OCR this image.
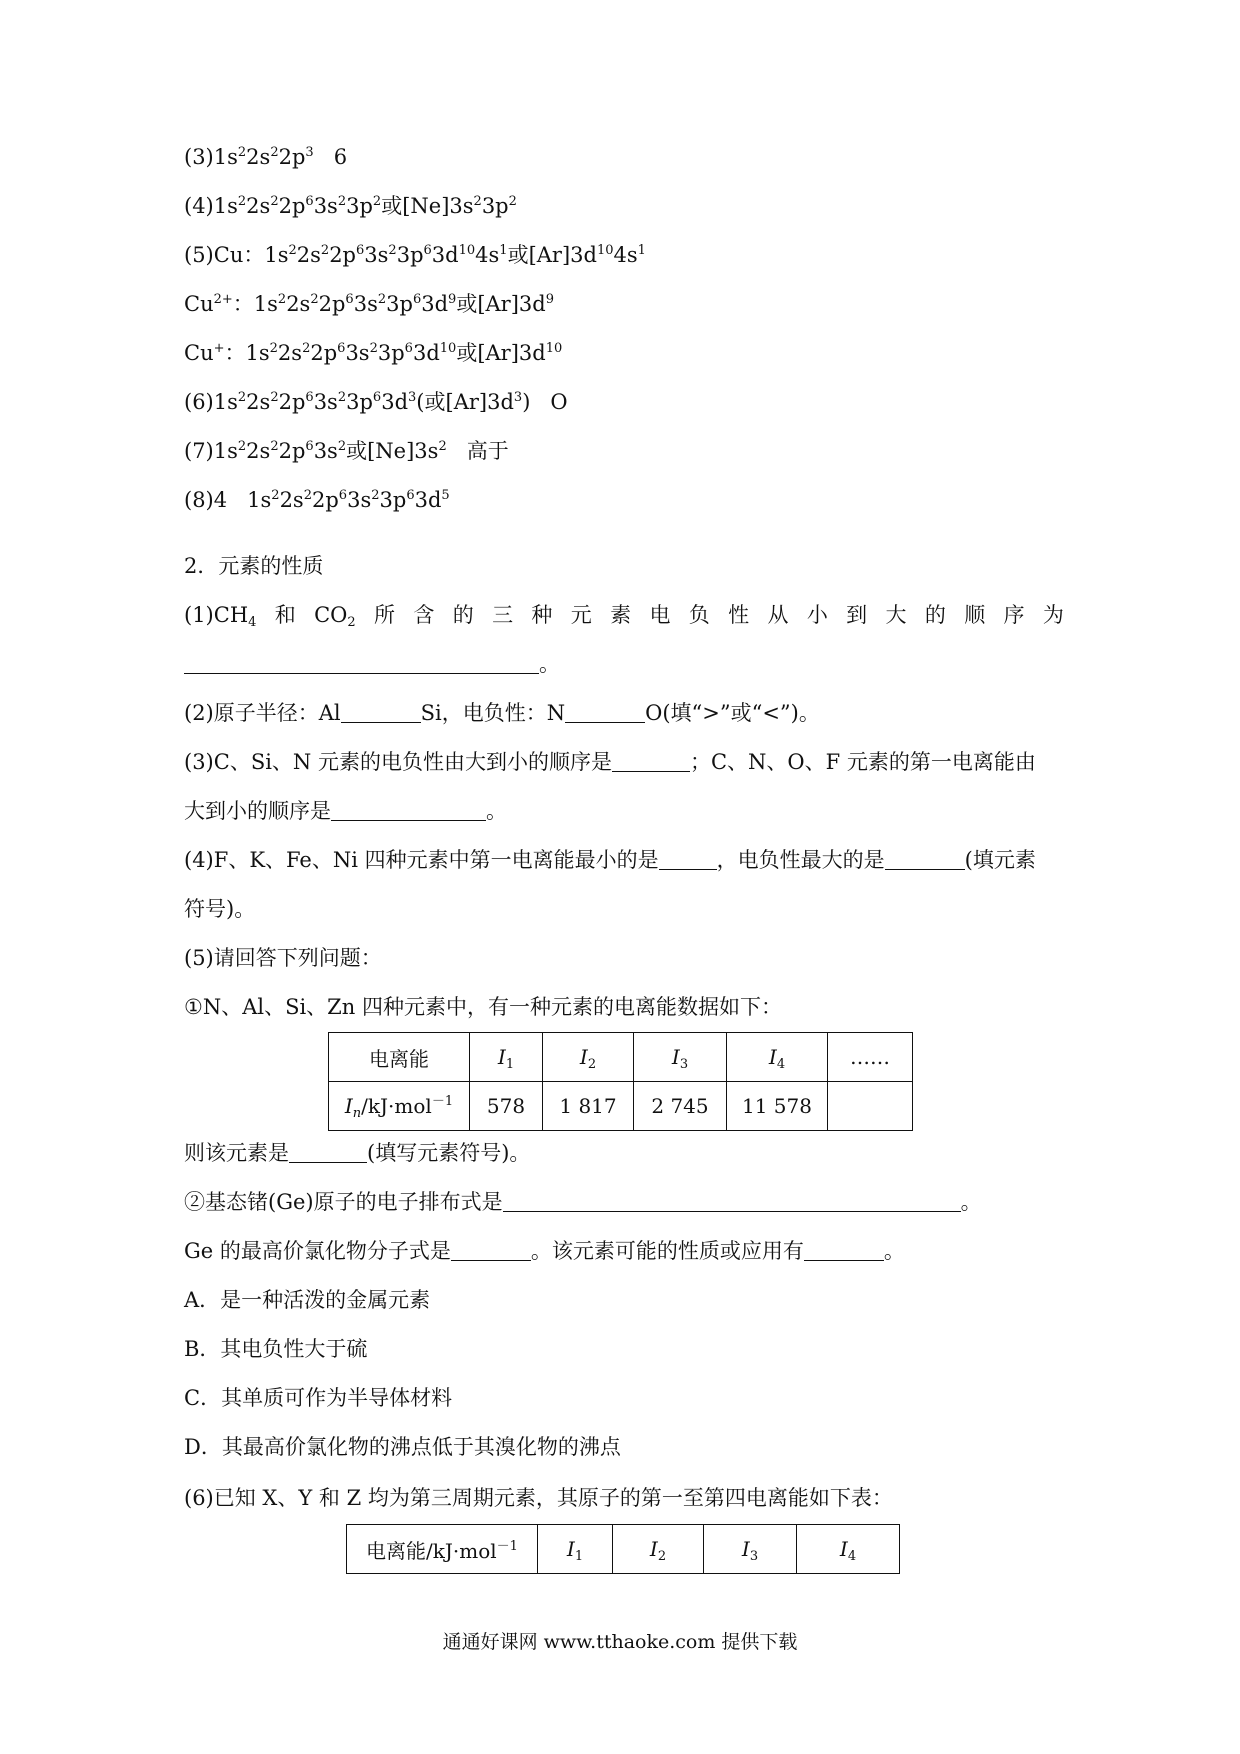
$(3)1s^22s^22p^3$ 6
$(4)1s^22s^22p^63s^23p^2$或$[Ne]3s^23p^2$
(5)Cu：$1s^22s^22p^63s^23p^63d^{10}4s^1$或$[Ar]3d^{10}4s^1$
$Cu^{2+}$：$1s^22s^22p^63s^23p^63d^9$或$[Ar]3d^9$
Cu+：$1s^22s^22p^63s^23p^63d^{10}$或$[Ar]3d^{10}$
$(6)1s^22s^22p^63s^23p^63d^3$(或$[Ar]3d^3$) O
$(7)1s^22s^22p^63s^2$或$[Ne]3s^2$ 高于
(8)4   $1s^22s^22p^63s^23p^63d^5$
2．元素的性质
$(1)CH_4$ 和 $CO_2$ 所 含 的 三 种 元 素 电 负 性 从 小 到 大 的 顺 序 为
。
(2)原子半径：Al	Si，电负性：N	O(填“>”或“<”)。
(3)C、Si、N 元素的电负性由大到小的顺序是	；C、N、O、F 元素的第一电离能由
大到小的顺序是	。
(4)F、K、Fe、Ni 四种元素中第一电离能最小的是	，电负性最大的是	(填元素
符号)。
(5)请回答下列问题：
①N、Al、Si、Zn 四种元素中，有一种元素的电离能数据如下：
电离能	$I_1$	$I_2$	$I_3$	$I_4$	……
$I_n/kJ\cdot mol^{-1}$	578	1 817	2 745	11 578	
则该元素是	(填写元素符号)。
②基态锗(Ge)原子的电子排布式是	。
Ge 的最高价氯化物分子式是	。该元素可能的性质或应用有	。
A．是一种活泼的金属元素
B．其电负性大于硫
C．其单质可作为半导体材料
D．其最高价氯化物的沸点低于其溴化物的沸点
(6)已知 X、Y 和 Z 均为第三周期元素，其原子的第一至第四电离能如下表：
电离能/kJ·mol$^{-1}$	$I_1$	$I_2$	$I_3$	$I_4$
通通好课网 www.tthaoke.com 提供下载
